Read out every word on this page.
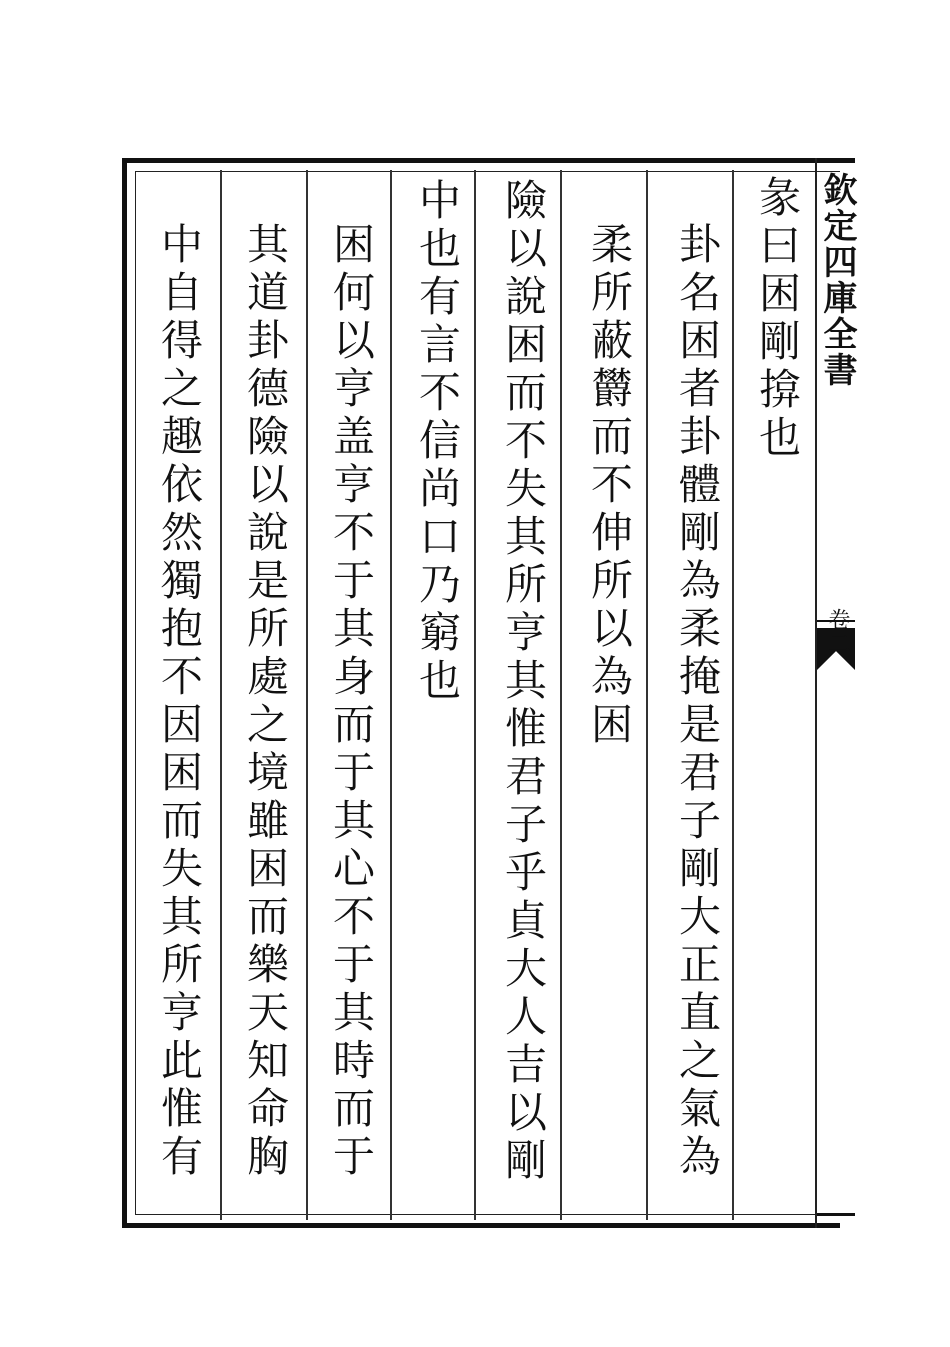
欽定四庫全書
卷二
彖曰困剛揜也
卦名困者卦體剛為柔掩是君子剛大正直之氣為
柔所蔽欝而不伸所以為困
險以說困而不失其所亨其惟君子乎貞大人吉以剛
中也有言不信尚口乃窮也
困何以亨盖亨不于其身而于其心不于其時而于
其道卦德險以說是所處之境雖困而樂天知命胸
中自得之趣依然獨抱不因困而失其所亨此惟有
